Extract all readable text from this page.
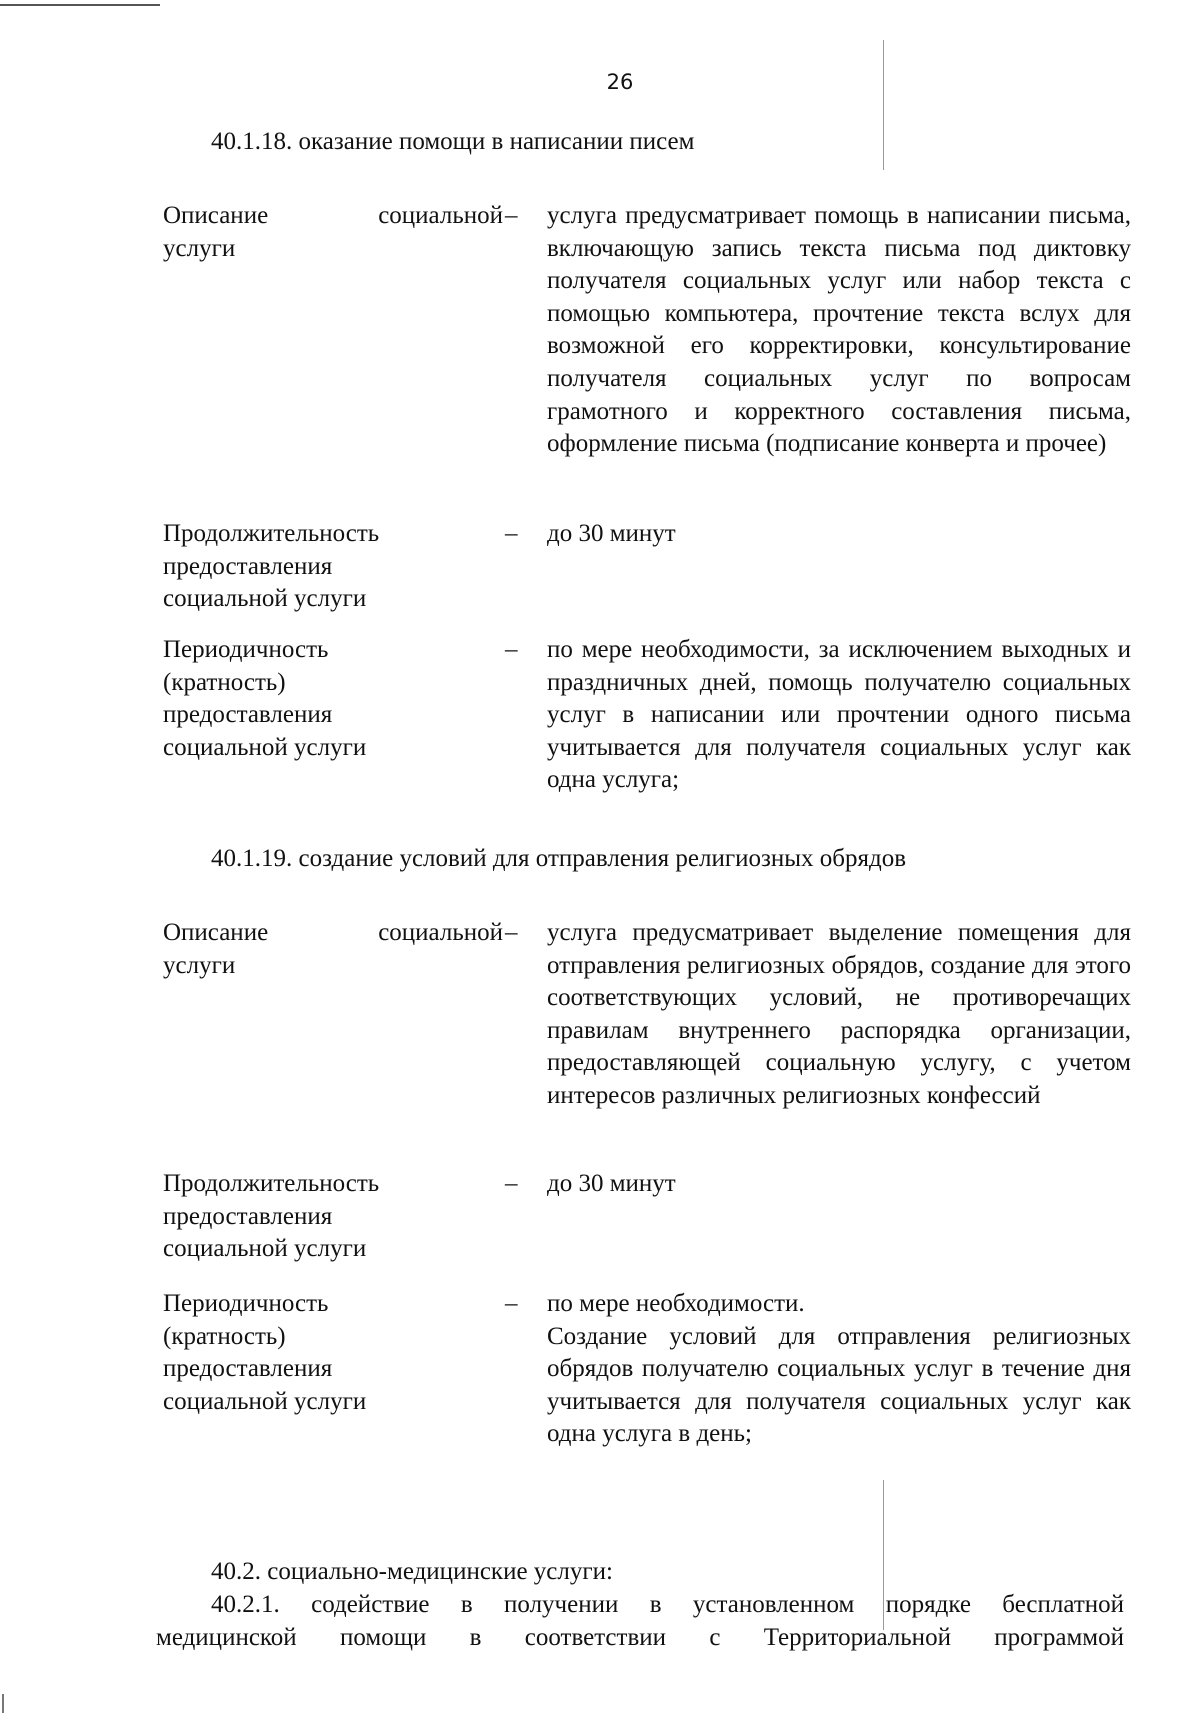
26
40.1.18. оказание помощи в написании писем
Описание	социальной
услуги
– услуга предусматривает помощь в написании письма, включающую запись текста письма под диктовку получателя социальных услуг или набор текста с помощью компьютера, прочтение текста вслух для возможной его корректировки, консультирование получателя социальных услуг по вопросам грамотного и корректного составления письма, оформление письма (подписание конверта и прочее)
Продолжительность
предоставления
социальной услуги
– до 30 минут
Периодичность
(кратность)
предоставления
социальной услуги
– по мере необходимости, за исключением выходных и праздничных дней, помощь получателю социальных услуг в написании или прочтении одного письма учитывается для получателя социальных услуг как одна услуга;
40.1.19. создание условий для отправления религиозных обрядов
Описание	социальной
услуги
– услуга предусматривает выделение помещения для отправления религиозных обрядов, создание для этого соответствующих условий, не противоречащих правилам внутреннего распорядка организации, предоставляющей социальную услугу, с учетом интересов различных религиозных конфессий
Продолжительность
предоставления
социальной услуги
– до 30 минут
Периодичность
(кратность)
предоставления
социальной услуги
– по мере необходимости.

Создание условий для отправления религиозных обрядов получателю социальных услуг в течение дня учитывается для получателя социальных услуг как одна услуга в день;

40.2. социально-медицинские услуги:
40.2.1. содействие в получении в установленном порядке бесплатной
медицинской помощи в соответствии с Территориальной программой
